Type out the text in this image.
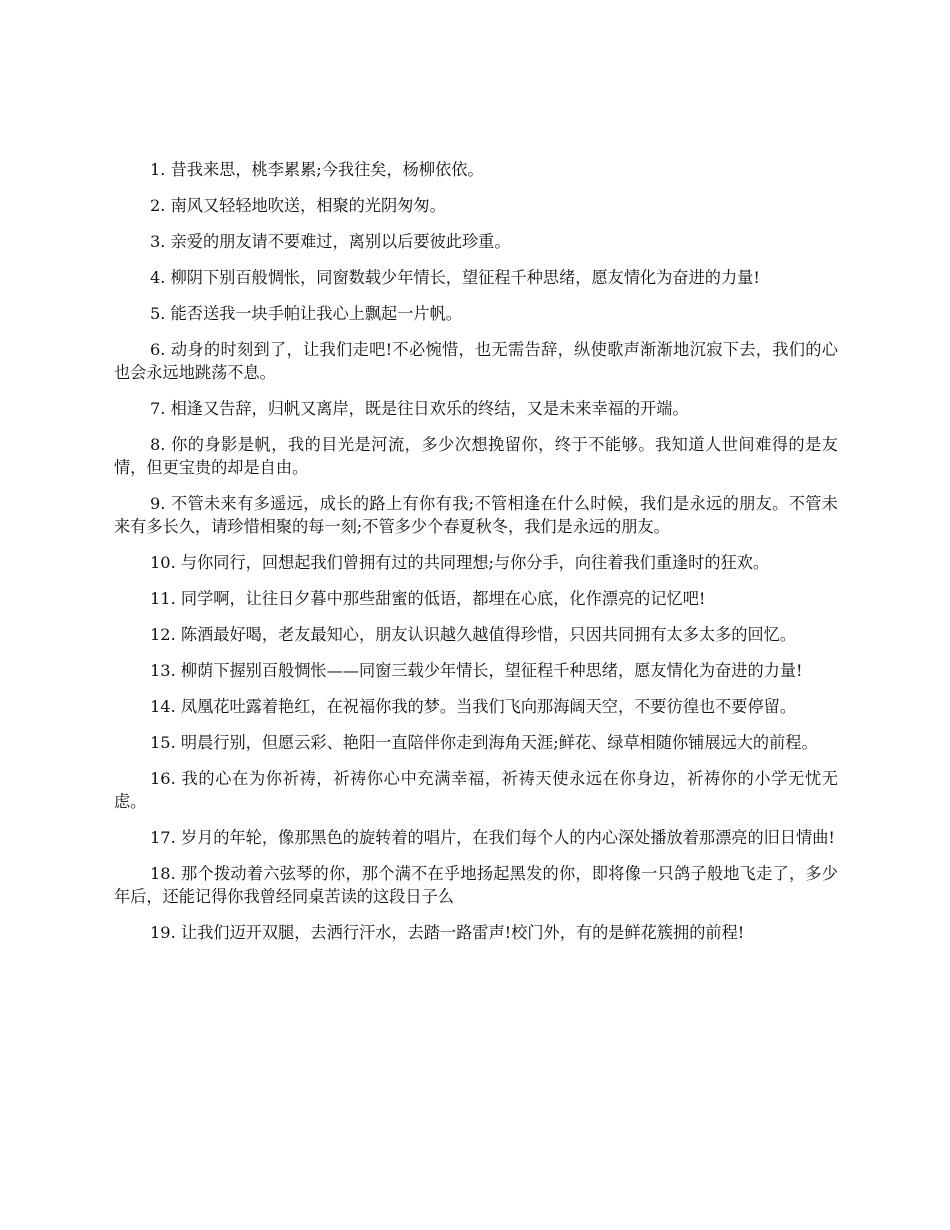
1. 昔我来思，桃李累累;今我往矣，杨柳依依。

2. 南风又轻轻地吹送，相聚的光阴匆匆。

3. 亲爱的朋友请不要难过，离别以后要彼此珍重。

4. 柳阴下别百般惆怅，同窗数载少年情长，望征程千种思绪，愿友情化为奋进的力量!

5. 能否送我一块手帕让我心上飘起一片帆。

6. 动身的时刻到了，让我们走吧!不必惋惜，也无需告辞，纵使歌声渐渐地沉寂下去，我们的心也会永远地跳荡不息。

7. 相逢又告辞，归帆又离岸，既是往日欢乐的终结，又是未来幸福的开端。

8. 你的身影是帆，我的目光是河流，多少次想挽留你，终于不能够。我知道人世间难得的是友情，但更宝贵的却是自由。

9. 不管未来有多遥远，成长的路上有你有我;不管相逢在什么时候，我们是永远的朋友。不管未来有多长久，请珍惜相聚的每一刻;不管多少个春夏秋冬，我们是永远的朋友。

10. 与你同行，回想起我们曾拥有过的共同理想;与你分手，向往着我们重逢时的狂欢。

11. 同学啊，让往日夕暮中那些甜蜜的低语，都埋在心底，化作漂亮的记忆吧!

12. 陈酒最好喝，老友最知心，朋友认识越久越值得珍惜，只因共同拥有太多太多的回忆。

13. 柳荫下握别百般惆怅——同窗三载少年情长，望征程千种思绪，愿友情化为奋进的力量!

14. 凤凰花吐露着艳红，在祝福你我的梦。当我们飞向那海阔天空，不要彷徨也不要停留。

15. 明晨行别，但愿云彩、艳阳一直陪伴你走到海角天涯;鲜花、绿草相随你铺展远大的前程。

16. 我的心在为你祈祷，祈祷你心中充满幸福，祈祷天使永远在你身边，祈祷你的小学无忧无虑。

17. 岁月的年轮，像那黑色的旋转着的唱片，在我们每个人的内心深处播放着那漂亮的旧日情曲!

18. 那个拨动着六弦琴的你，那个满不在乎地扬起黑发的你，即将像一只鸽子般地飞走了，多少年后，还能记得你我曾经同桌苦读的这段日子么

19. 让我们迈开双腿，去洒行汗水，去踏一路雷声!校门外，有的是鲜花簇拥的前程!
